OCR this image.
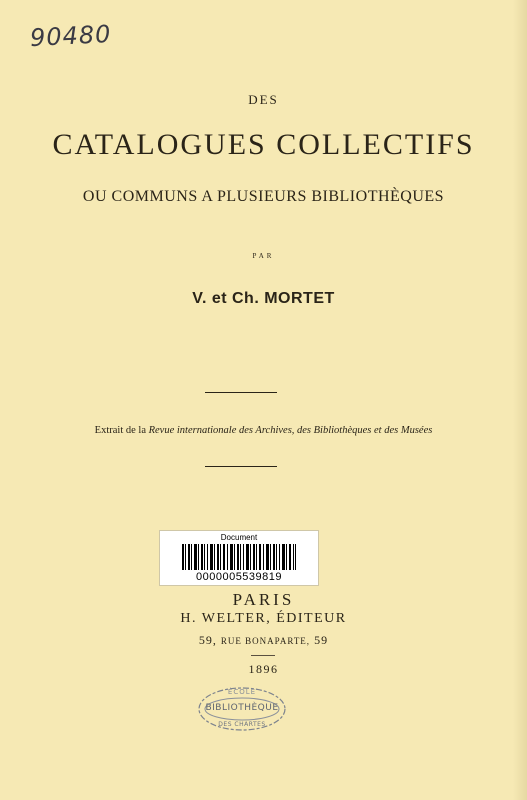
90480
DES
CATALOGUES COLLECTIFS
OU COMMUNS A PLUSIEURS BIBLIOTHÈQUES
PAR
V. et Ch. MORTET
Extrait de la Revue internationale des Archives, des Bibliothèques et des Musées
Document
0000005539819
PARIS
H. WELTER, ÉDITEUR
59, RUE BONAPARTE, 59
1896
ÉCOLE
BIBLIOTHÈQUE
DES CHARTES
